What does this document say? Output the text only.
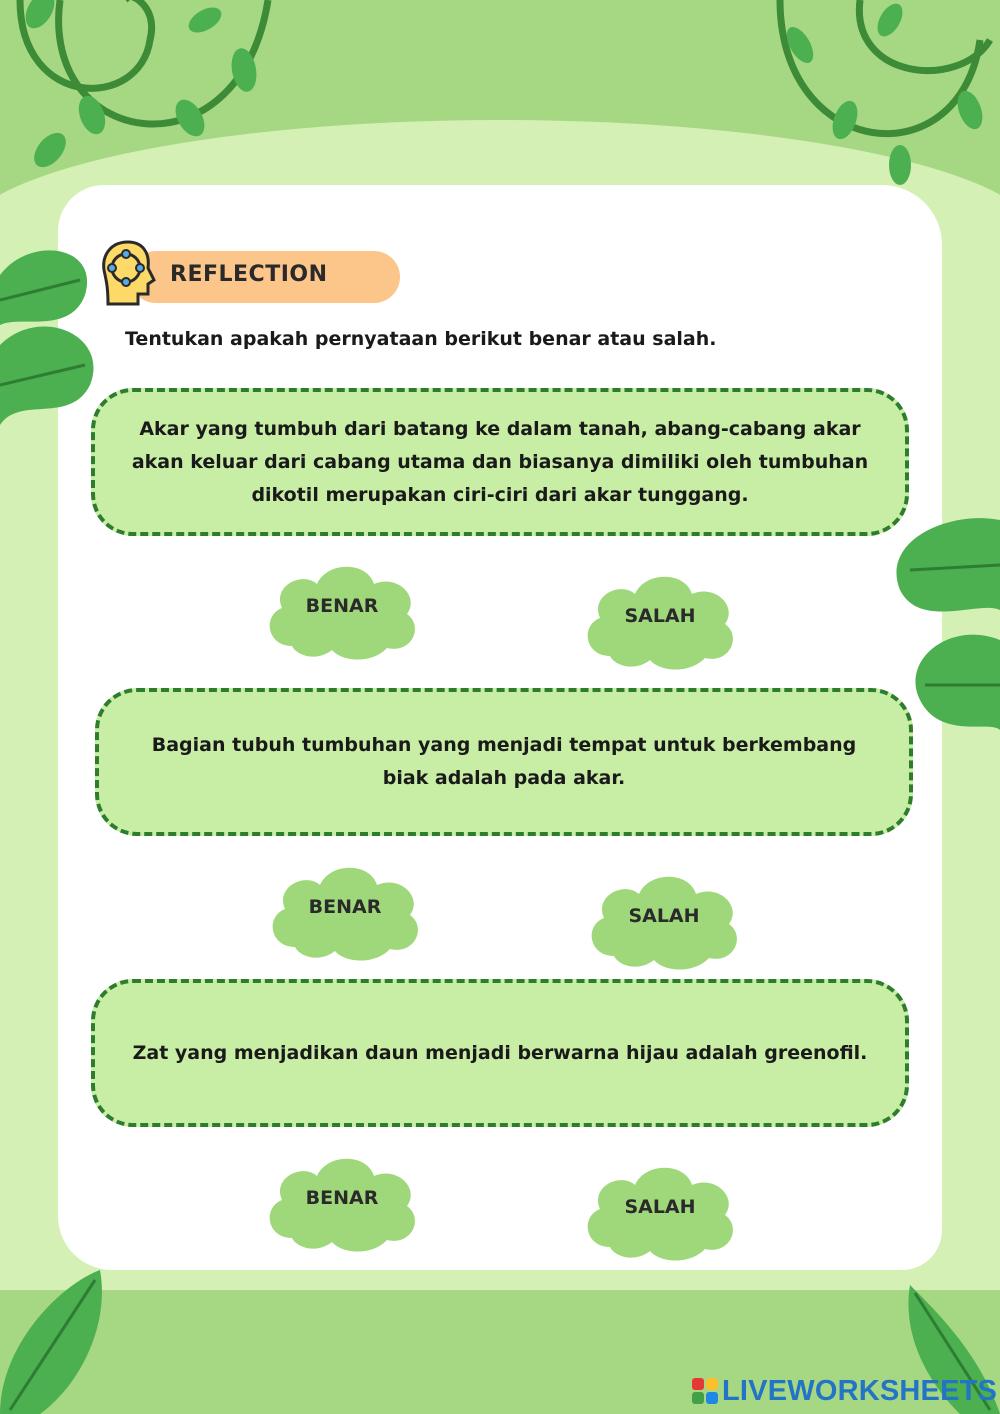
REFLECTION
Tentukan apakah pernyataan berikut benar atau salah.
Akar yang tumbuh dari batang ke dalam tanah, abang-cabang akar akan keluar dari cabang utama dan biasanya dimiliki oleh tumbuhan dikotil merupakan ciri-ciri dari akar tunggang.
BENAR	SALAH
Bagian tubuh tumbuhan yang menjadi tempat untuk berkembang biak adalah pada akar.
BENAR	SALAH
Zat yang menjadikan daun menjadi berwarna hijau adalah greenofil.
BENAR	SALAH
LIVEWORKSHEETS
